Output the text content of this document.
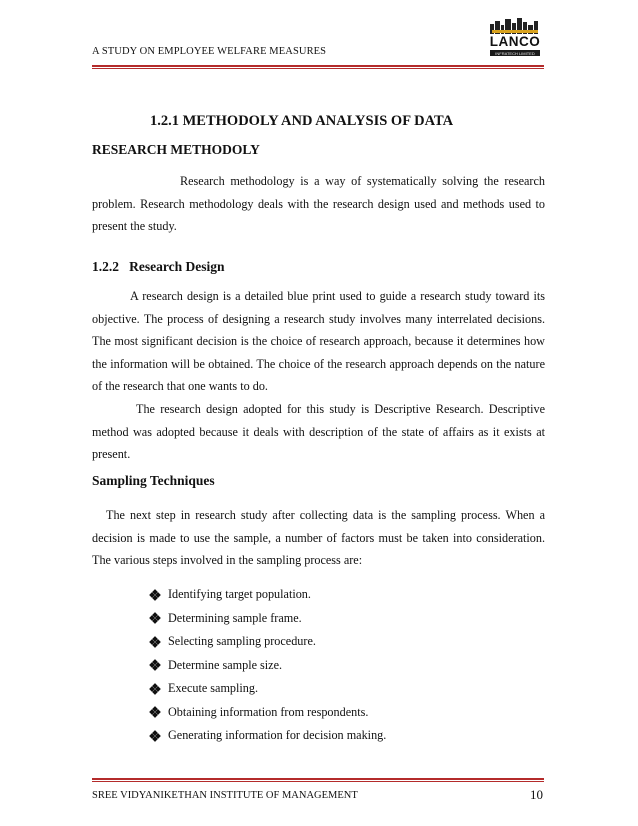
A STUDY ON EMPLOYEE WELFARE MEASURES
LANCO
INFRATECH LIMITED
1.2.1 METHODOLY AND ANALYSIS OF DATA
RESEARCH METHODOLY
Research methodology is a way of systematically solving the research problem. Research methodology deals with the research design used and methods used to present the study.
1.2.2   Research Design
A research design is a detailed blue print used to guide a research study toward its objective. The process of designing a research study involves many interrelated decisions. The most significant decision is the choice of research approach, because it determines how the information will be obtained. The choice of the research approach depends on the nature of the research that one wants to do.
The research design adopted for this study is Descriptive Research. Descriptive method was adopted because it deals with description of the state of affairs as it exists at present.
Sampling Techniques
The next step in research study after collecting data is the sampling process. When a decision is made to use the sample, a number of factors must be taken into consideration. The various steps involved in the sampling process are:
Identifying target population.
Determining sample frame.
Selecting sampling procedure.
Determine sample size.
Execute sampling.
Obtaining information from respondents.
Generating information for decision making.
SREE VIDYANIKETHAN INSTITUTE OF MANAGEMENT	10
